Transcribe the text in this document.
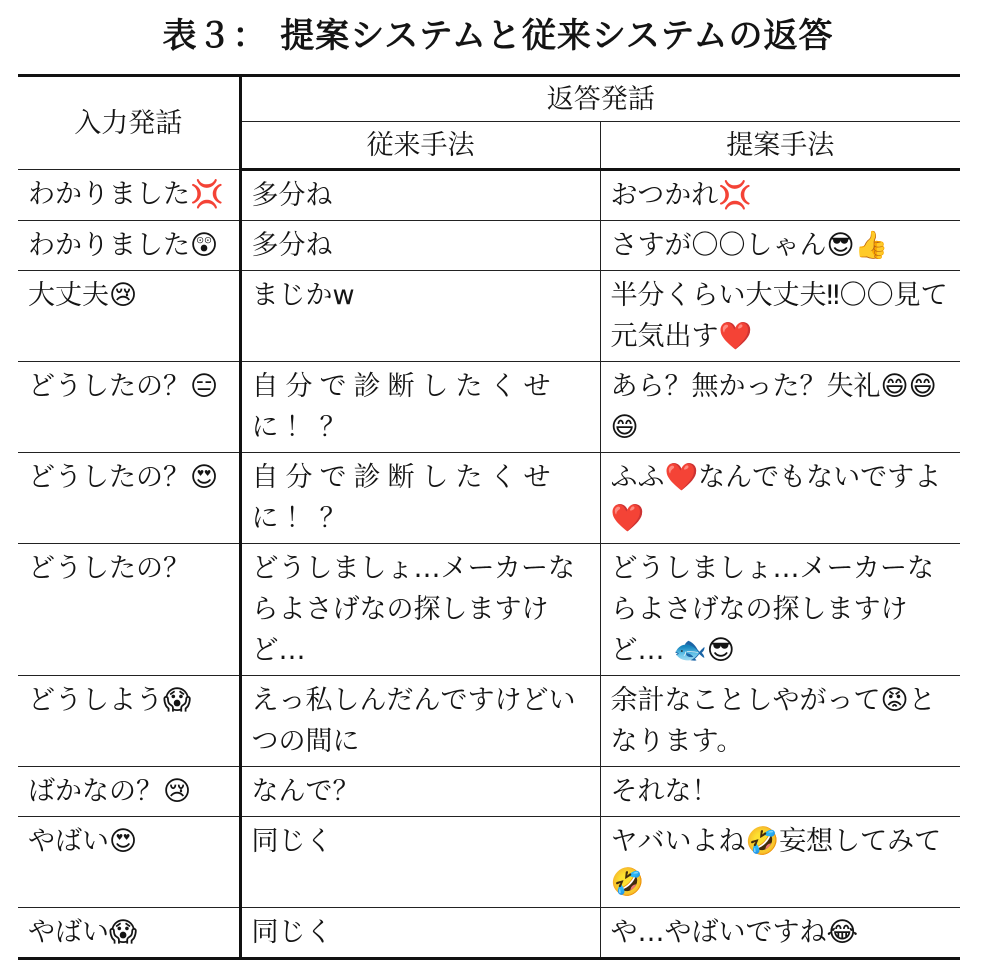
表３： 提案システムと従来システムの返答
入力発話	返答発話	
	従来手法	提案手法
わかりました💢	多分ね	おつかれ💢
わかりました😲	多分ね	さすが〇〇しゃん😎👍
大丈夫😢	まじかw	半分くらい大丈夫‼〇〇見て元気出す❤️
どうしたの？😑	自分で診断したくせに！？	あら？無かった？失礼😄😄😄
どうしたの？😍	自分で診断したくせに！？	ふふ❤️なんでもないですよ❤️
どうしたの？	どうしましょ…メーカーならよさげなの探しますけど…	どうしましょ…メーカーならよさげなの探しますけど… 🐟😎
どうしよう😱	えっ私しんだんですけどいつの間に	余計なことしやがって😡となります。
ばかなの？😢	なんで？	それな！
やばい😍	同じく	ヤバいよね🤣妄想してみて🤣
やばい😱	同じく	や…やばいですね😂
